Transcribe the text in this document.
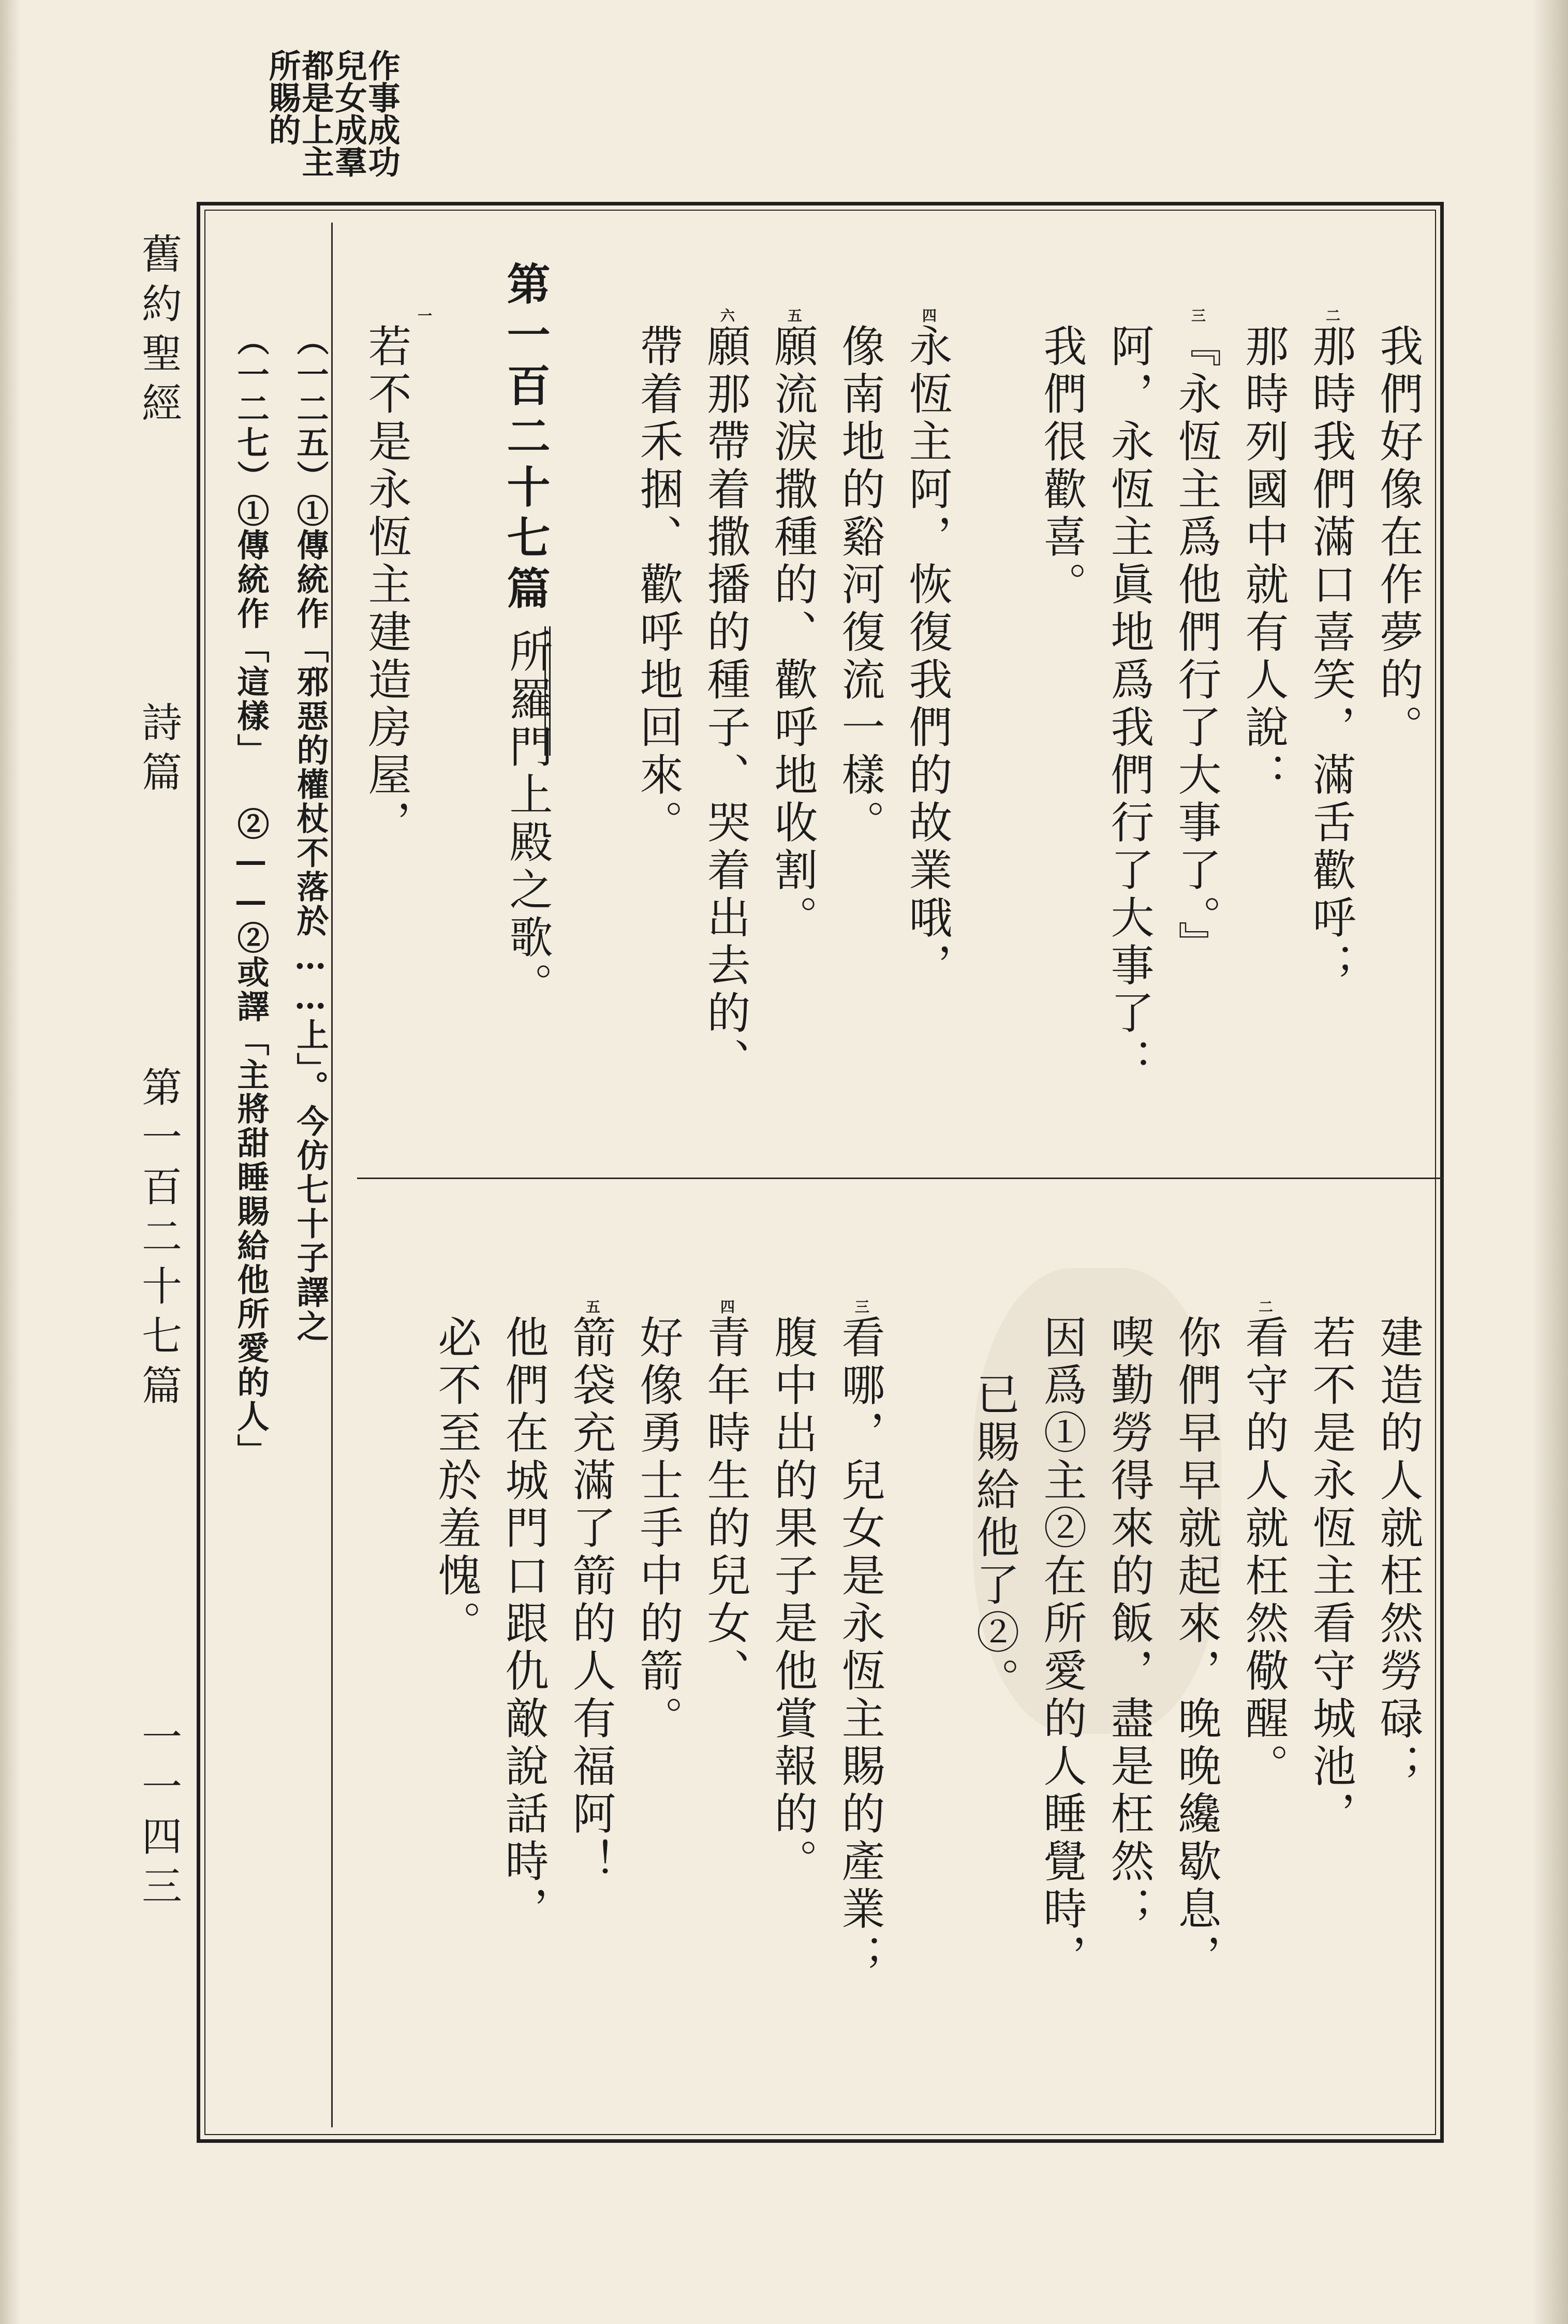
作事成功
兒女成羣
都是上主
所賜的
舊約聖經
詩篇
第一百二十七篇
一一四三
我們好像在作夢的。
那時我們滿口喜笑，滿舌歡呼；
那時列國中就有人說：
『永恆主爲他們行了大事了。』
阿，永恆主眞地爲我們行了大事了：
我們很歡喜。
永恆主阿，恢復我們的故業哦，
像南地的谿河復流一樣。
願流淚撒種的、歡呼地收割。
願那帶着撒播的種子、哭着出去的、
帶着禾捆、歡呼地回來。
二
三
四
五
六
第一百二十七篇
所羅門上殿之歌。
若不是永恆主建造房屋，
一
（一二五）①傳統作「邪惡的權杖不落於……上」。今仿七十子譯之
（一二七）①傳統作「這樣」 ②——②或譯「主將甜睡賜給他所愛的人」
建造的人就枉然勞碌；
若不是永恆主看守城池，
看守的人就枉然儆醒。
你們早早就起來，晚晚纔歇息，
喫勤勞得來的飯，盡是枉然；
因爲①主②在所愛的人睡覺時，
已賜給他了②。
看哪，兒女是永恆主賜的產業；
腹中出的果子是他賞報的。
青年時生的兒女、
好像勇士手中的箭。
箭袋充滿了箭的人有福阿！
他們在城門口跟仇敵說話時，
必不至於羞愧。
二
三
四
五
